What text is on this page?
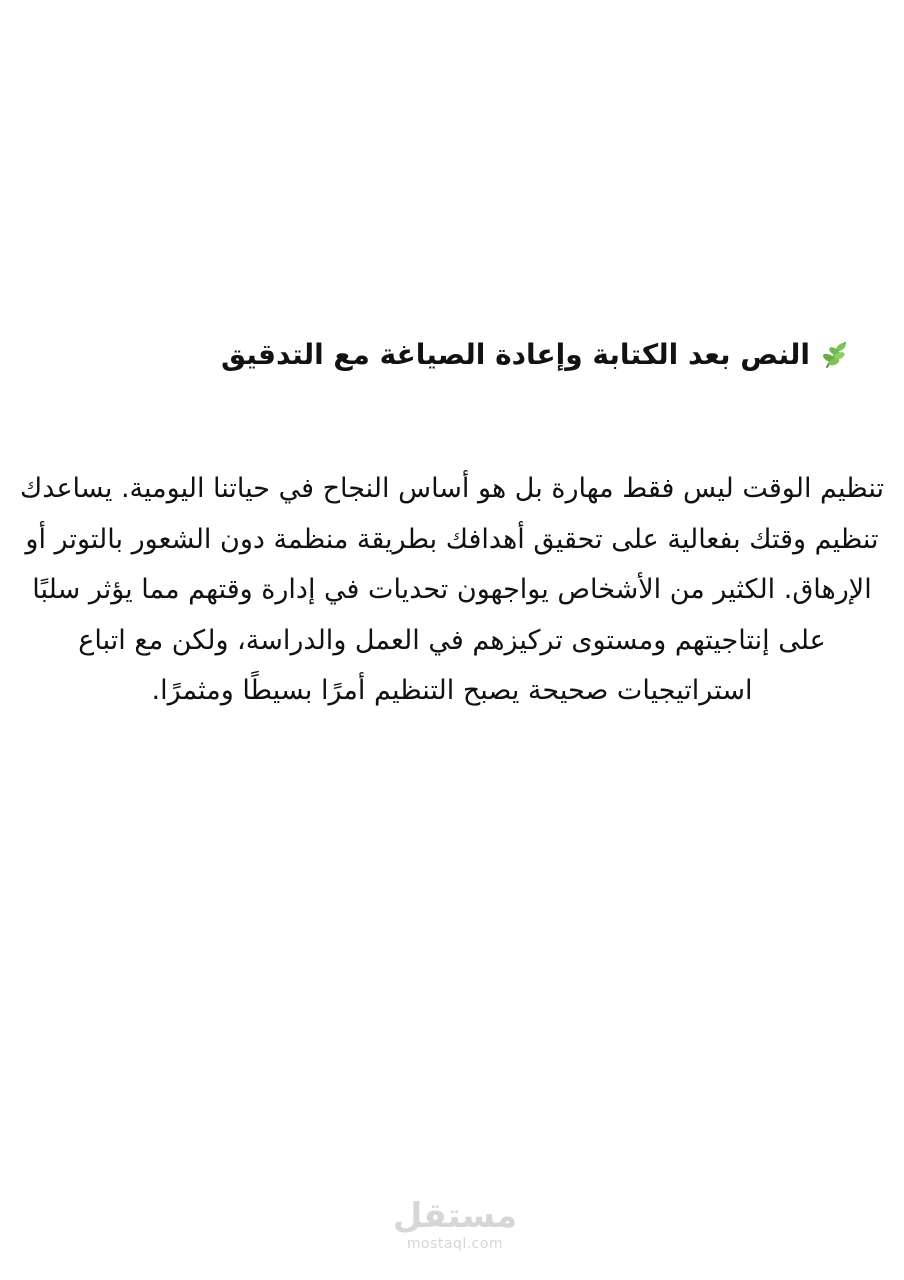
النص بعد الكتابة وإعادة الصياغة مع التدقيق
تنظيم الوقت ليس فقط مهارة بل هو أساس النجاح في حياتنا اليومية. يساعدك تنظيم وقتك بفعالية على تحقيق أهدافك بطريقة منظمة دون الشعور بالتوتر أو الإرهاق. الكثير من الأشخاص يواجهون تحديات في إدارة وقتهم مما يؤثر سلبًا على إنتاجيتهم ومستوى تركيزهم في العمل والدراسة، ولكن مع اتباع استراتيجيات صحيحة يصبح التنظيم أمرًا بسيطًا ومثمرًا.
مستقل
mostaql.com
